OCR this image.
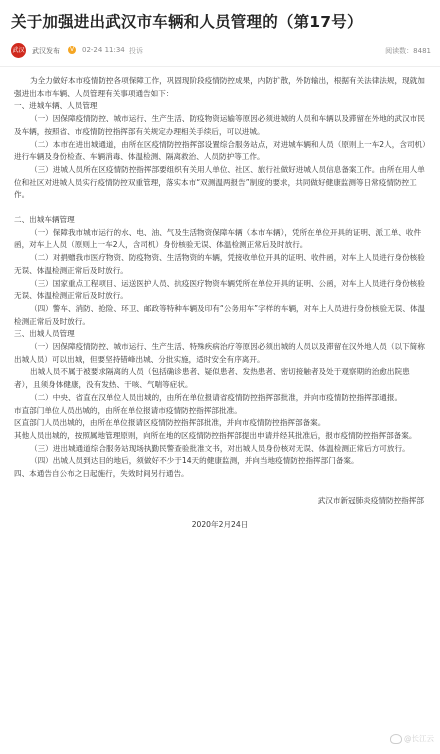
关于加强进出武汉市车辆和人员管理的（第17号）
武汉 武汉发布	V 02-24 11:34 投诉	阅读数：8481

为全力做好本市疫情防控各项保障工作，巩固现阶段疫情防控成果，内防扩散，外防输出，根据有关法律法规，现就加强进出本市车辆、人员管理有关事项通告如下：

一、进城车辆、人员管理

（一）因保障疫情防控、城市运行、生产生活、防疫物资运输等原因必须进城的人员和车辆以及滞留在外地的武汉市民及车辆，按照省、市疫情防控指挥部有关规定办理相关手续后，可以进城。

（二）本市在进出城通道，由所在区疫情防控指挥部设置综合服务站点，对进城车辆和人员（原则上一车2人，含司机）进行车辆及身份检查、车辆消毒、体温检测、隔离救治、人员防护等工作。

（三）进城人员所在区疫情防控指挥部要组织有关用人单位、社区、旅行社做好进城人员信息备案工作。由所在用人单位和社区对进城人员实行疫情防控双重管理，落实本市“双测温两报告”制度的要求，共同做好健康监测等日常疫情防控工作。

二、出城车辆管理

（一）保障我市城市运行的水、电、油、气及生活物资保障车辆（本市车辆），凭所在单位开具的证明、派工单、收件函，对车上人员（原则上一车2人，含司机）身份核验无误、体温检测正常后及时放行。

（二）对捐赠我市医疗物资、防疫物资、生活物资的车辆，凭接收单位开具的证明、收件函，对车上人员进行身份核验无误、体温检测正常后及时放行。

（三）国家重点工程项目、运送医护人员、抗疫医疗物资车辆凭所在单位开具的证明、公函，对车上人员进行身份核验无误、体温检测正常后及时放行。

（四）警车、消防、抢险、环卫、邮政等特种车辆及印有“公务用车”字样的车辆，对车上人员进行身份核验无误、体温检测正常后及时放行。

三、出城人员管理

（一）因保障疫情防控、城市运行、生产生活、特殊疾病治疗等原因必须出城的人员以及滞留在汉外地人员（以下简称出城人员）可以出城，但要坚持错峰出城、分批实施，适时安全有序离开。

出城人员不属于被要求隔离的人员（包括确诊患者、疑似患者、发热患者、密切接触者及处于观察期的治愈出院患者），且须身体健康，没有发热、干咳、气喘等症状。

（二）中央、省直在汉单位人员出城的，由所在单位报请省疫情防控指挥部批准，并向市疫情防控指挥部通报。

市直部门单位人员出城的，由所在单位报请市疫情防控指挥部批准。

区直部门人员出城的，由所在单位报请区疫情防控指挥部批准，并向市疫情防控指挥部备案。

其他人员出城的，按照属地管理原则，向所在地的区疫情防控指挥部提出申请并经其批准后，报市疫情防控指挥部备案。

（三）进出城通道综合服务站现场执勤民警查验批准文书，对出城人员身份核对无误、体温检测正常后方可放行。

（四）出城人员到达目的地后，须做好不少于14天的健康监测，并向当地疫情防控指挥部门备案。

四、本通告自公布之日起施行，失效时间另行通告。

武汉市新冠肺炎疫情防控指挥部

2020年2月24日

@长江云
